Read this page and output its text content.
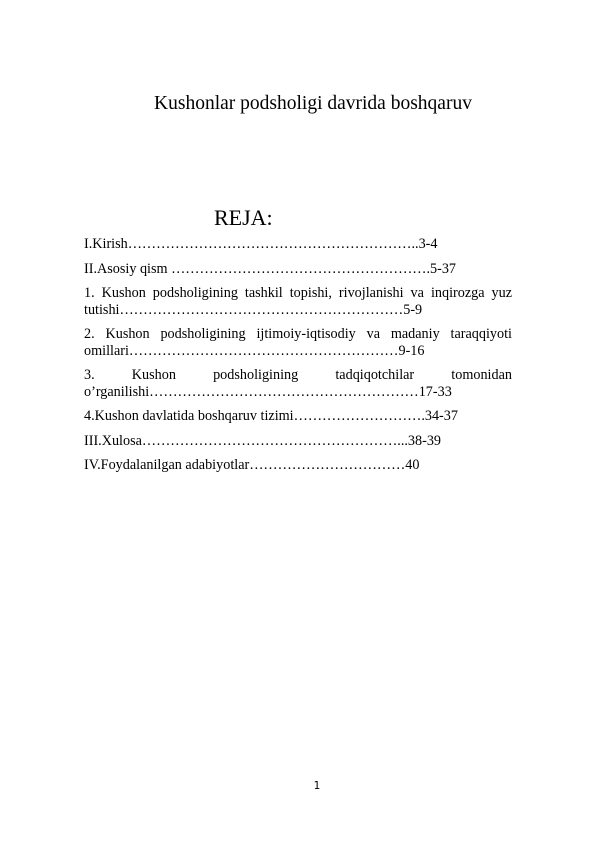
Kushonlar podsholigi davrida boshqaruv
REJA:

I.Kirish……………………………………………………..3-4

II.Asosiy qism ……………………………………………….5-37

1. Kushon podsholigining tashkil topishi, rivojlanishi va inqirozga yuz tutishi……………………………………………………5-9

2. Kushon podsholigining ijtimoiy-iqtisodiy va madaniy taraqqiyoti omillari…………………………………………………9-16

3. Kushon podsholigining tadqiqotchilar tomonidan o’rganilishi…………………………………………………17-33

4.Kushon davlatida boshqaruv tizimi……………………….34-37

III.Xulosa………………………………………………...38-39

IV.Foydalanilgan adabiyotlar……………………………40

1
